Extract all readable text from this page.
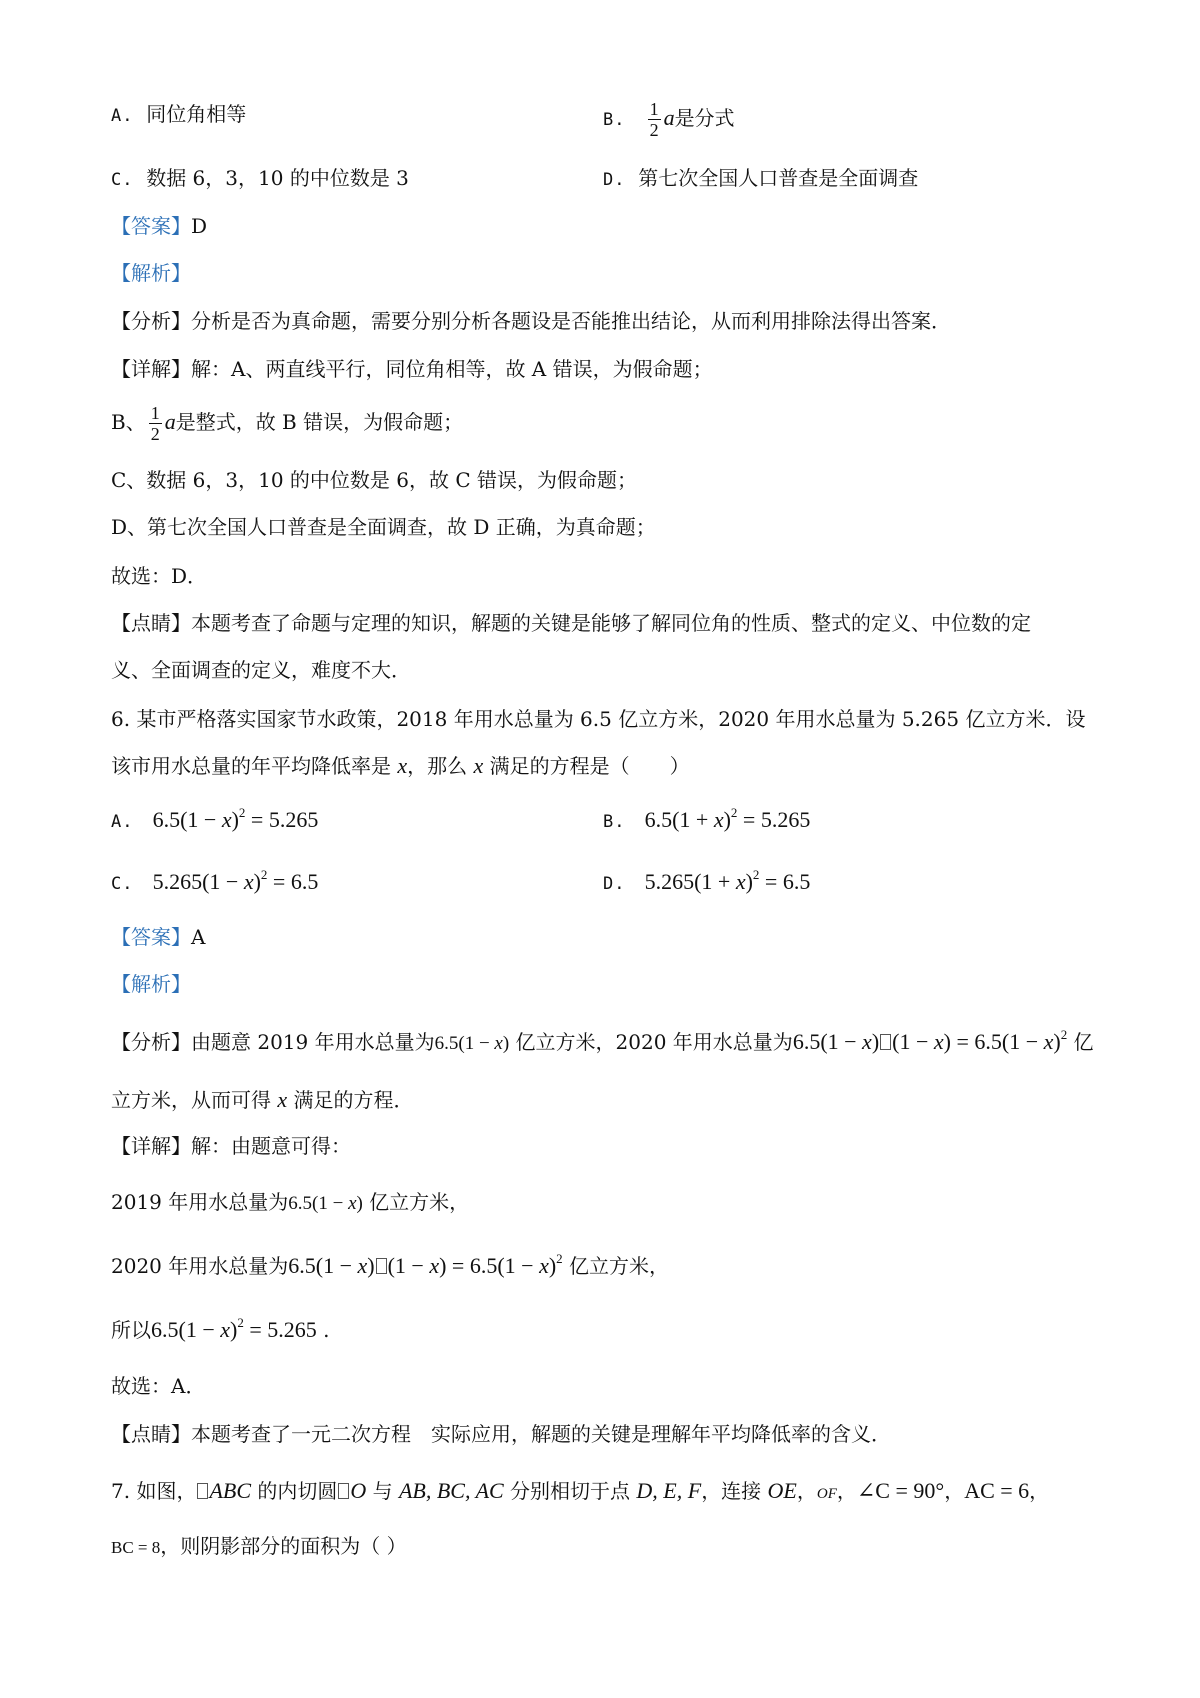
A. 同位角相等	B. $\frac{1}{2}$ a是分式
C. 数据 6，3，10 的中位数是 3	D. 第七次全国人口普查是全面调查
【答案】D
【解析】
【分析】分析是否为真命题，需要分别分析各题设是否能推出结论，从而利用排除法得出答案．
【详解】解：A、两直线平行，同位角相等，故 A 错误，为假命题；
B、 $\frac{1}{2}$ a是整式，故 B 错误，为假命题；
C、数据 6，3，10 的中位数是 6，故 C 错误，为假命题；
D、第七次全国人口普查是全面调查，故 D 正确，为真命题；
故选：D．
【点睛】本题考查了命题与定理的知识，解题的关键是能够了解同位角的性质、整式的定义、中位数的定
义、全面调查的定义，难度不大．
6. 某市严格落实国家节水政策，2018 年用水总量为 6.5 亿立方米，2020 年用水总量为 5.265 亿立方米．设
该市用水总量的年平均降低率是 x，那么 x 满足的方程是（　　）
A. $6.5(1 - x)^2 = 5.265$	B. $6.5(1 + x)^2 = 5.265$
C. $5.265(1 - x)^2 = 6.5$	D. $5.265(1 + x)^2 = 6.5$
【答案】A
【解析】
【分析】由题意 2019 年用水总量为6.5(1 − x) 亿立方米，2020 年用水总量为6.5(1 − x) $(1 - x) = 6.5(1 - x)^2$ 亿
立方米，从而可得 x 满足的方程．
【详解】解：由题意可得：
2019 年用水总量为6.5(1 − x) 亿立方米，
2020 年用水总量为6.5(1 − x) $(1 - x) = 6.5(1 - x)^2$ 亿立方米，
所以$6.5(1 - x)^2 = 5.265$ .
故选：A．
【点睛】本题考查了一元二次方程　实际应用，解题的关键是理解年平均降低率的含义．
7. 如图， ABC 的内切圆 O 与 AB, BC, AC 分别相切于点 D, E, F，连接 OE，OF，∠C = 90°，AC = 6，
BC = 8，则阴影部分的面积为（ ）
